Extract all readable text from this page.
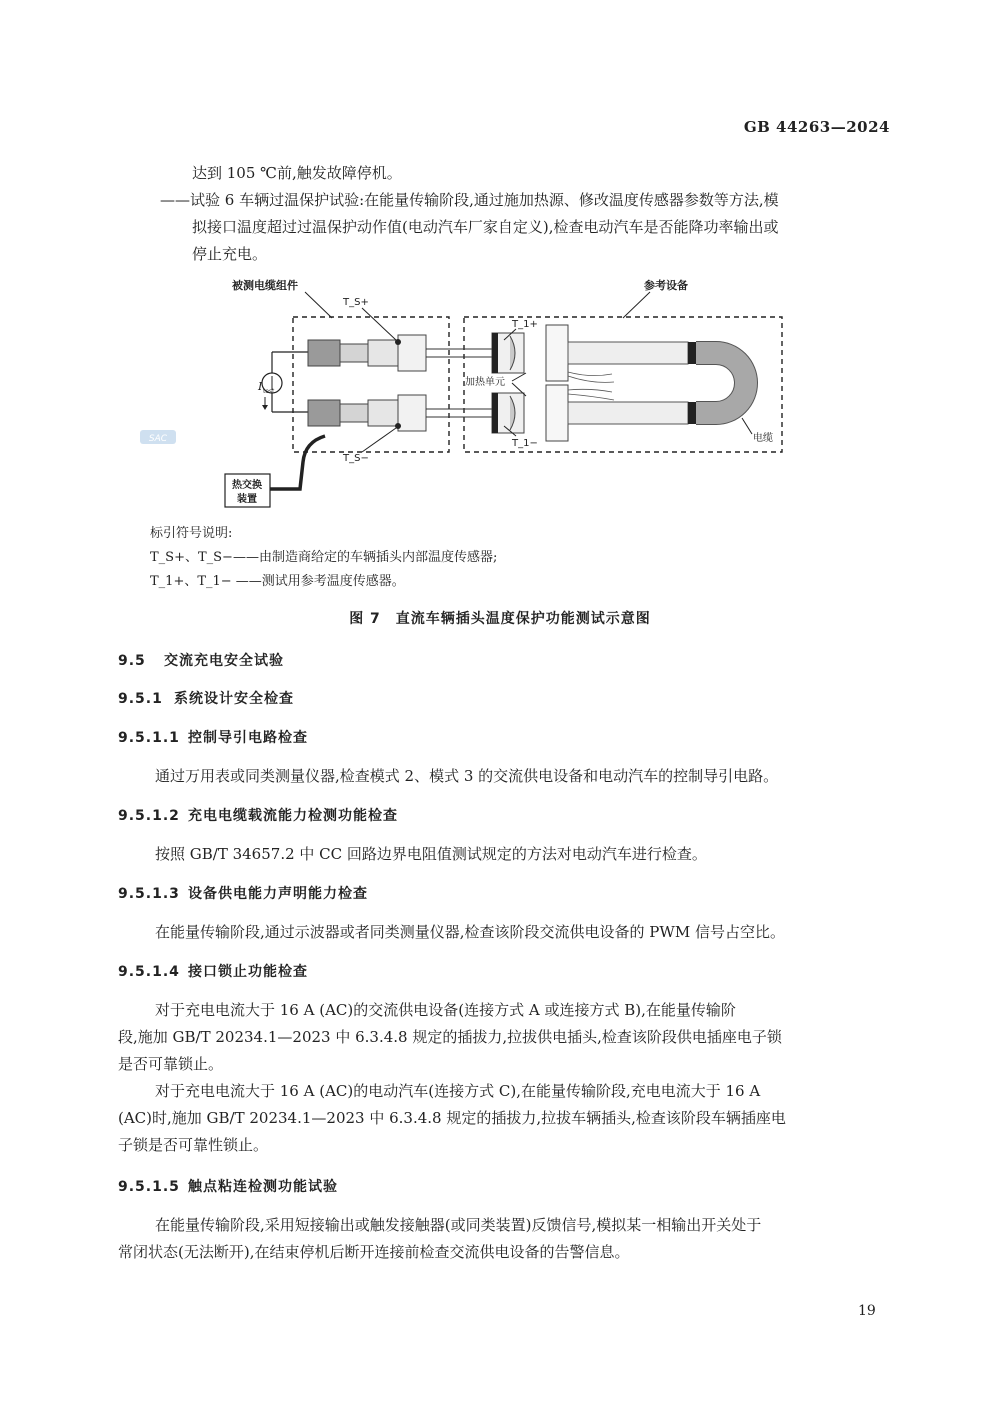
GB 44263—2024
达到 105 ℃前,触发故障停机。
——试验 6 车辆过温保护试验:在能量传输阶段,通过施加热源、修改温度传感器参数等方法,模
拟接口温度超过过温保护动作值(电动汽车厂家自定义),检查电动汽车是否能降功率输出或
停止充电。
SAC
被测电缆组件	参考设备
I test
T_S+
T_S−
T_1+
T_1−
加热单元
电缆
热交换
装置
标引符号说明:
T_S+、T_S−——由制造商给定的车辆插头内部温度传感器;
T_1+、T_1− ——测试用参考温度传感器。
图 7　直流车辆插头温度保护功能测试示意图
9.5 交流充电安全试验
9.5.1 系统设计安全检查
9.5.1.1 控制导引电路检查
通过万用表或同类测量仪器,检查模式 2、模式 3 的交流供电设备和电动汽车的控制导引电路。
9.5.1.2 充电电缆载流能力检测功能检查
按照 GB/T 34657.2 中 CC 回路边界电阻值测试规定的方法对电动汽车进行检查。
9.5.1.3 设备供电能力声明能力检查
在能量传输阶段,通过示波器或者同类测量仪器,检查该阶段交流供电设备的 PWM 信号占空比。
9.5.1.4 接口锁止功能检查
对于充电电流大于 16 A (AC)的交流供电设备(连接方式 A 或连接方式 B),在能量传输阶
段,施加 GB/T 20234.1—2023 中 6.3.4.8 规定的插拔力,拉拔供电插头,检查该阶段供电插座电子锁
是否可靠锁止。
对于充电电流大于 16 A (AC)的电动汽车(连接方式 C),在能量传输阶段,充电电流大于 16 A
(AC)时,施加 GB/T 20234.1—2023 中 6.3.4.8 规定的插拔力,拉拔车辆插头,检查该阶段车辆插座电
子锁是否可靠性锁止。
9.5.1.5 触点粘连检测功能试验
在能量传输阶段,采用短接输出或触发接触器(或同类装置)反馈信号,模拟某一相输出开关处于
常闭状态(无法断开),在结束停机后断开连接前检查交流供电设备的告警信息。
19
